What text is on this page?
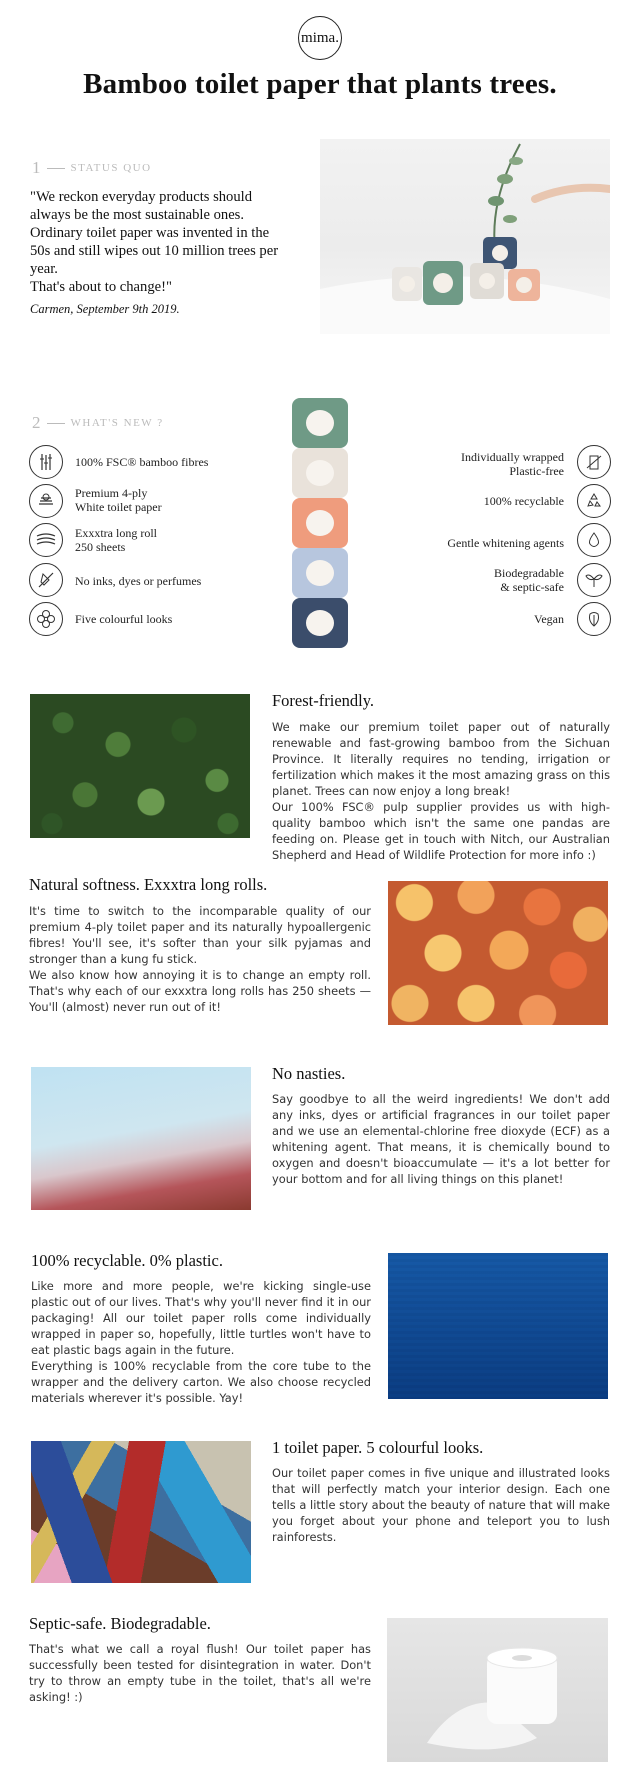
mima.
Bamboo toilet paper that plants trees.
1	STATUS QUO
"We reckon everyday products should always be the most sustainable ones. Ordinary toilet paper was invented in the 50s and still wipes out 10 million trees per year.
That's about to change!"
Carmen, September 9th 2019.
2	WHAT'S NEW ?
100% FSC® bamboo fibres
Premium 4-ply
White toilet paper
Exxxtra long roll
250 sheets
No inks, dyes or perfumes
Five colourful looks
Individually wrapped
Plastic-free
100% recyclable
Gentle whitening agents
Biodegradable
& septic-safe
Vegan
Forest-friendly.
We make our premium toilet paper out of naturally renewable and fast-growing bamboo from the Sichuan Province. It literally requires no tending, irrigation or fertilization which makes it the most amazing grass on this planet. Trees can now enjoy a long break!
Our 100% FSC® pulp supplier provides us with high-quality bamboo which isn't the same one pandas are feeding on. Please get in touch with Nitch, our Australian Shepherd and Head of Wildlife Protection for more info :)
Natural softness. Exxxtra long rolls.
It's time to switch to the incomparable quality of our premium 4-ply toilet paper and its naturally hypoallergenic fibres! You'll see, it's softer than your silk pyjamas and stronger than a kung fu stick.
We also know how annoying it is to change an empty roll. That's why each of our exxxtra long rolls has 250 sheets — You'll (almost) never run out of it!
No nasties.
Say goodbye to all the weird ingredients! We don't add any inks, dyes or artificial fragrances in our toilet paper and we use an elemental-chlorine free dioxyde (ECF) as a whitening agent. That means, it is chemically bound to oxygen and doesn't bioaccumulate — it's a lot better for your bottom and for all living things on this planet!
100% recyclable. 0% plastic.
Like more and more people, we're kicking single-use plastic out of our lives. That's why you'll never find it in our packaging! All our toilet paper rolls come individually wrapped in paper so, hopefully, little turtles won't have to eat plastic bags again in the future.
Everything is 100% recyclable from the core tube to the wrapper and the delivery carton. We also choose recycled materials wherever it's possible. Yay!
1 toilet paper. 5 colourful looks.
Our toilet paper comes in five unique and illustrated looks that will perfectly match your interior design. Each one tells a little story about the beauty of nature that will make you forget about your phone and teleport you to lush rainforests.
Septic-safe. Biodegradable.
That's what we call a royal flush! Our toilet paper has successfully been tested for disintegration in water. Don't try to throw an empty tube in the toilet, that's all we're asking! :)
